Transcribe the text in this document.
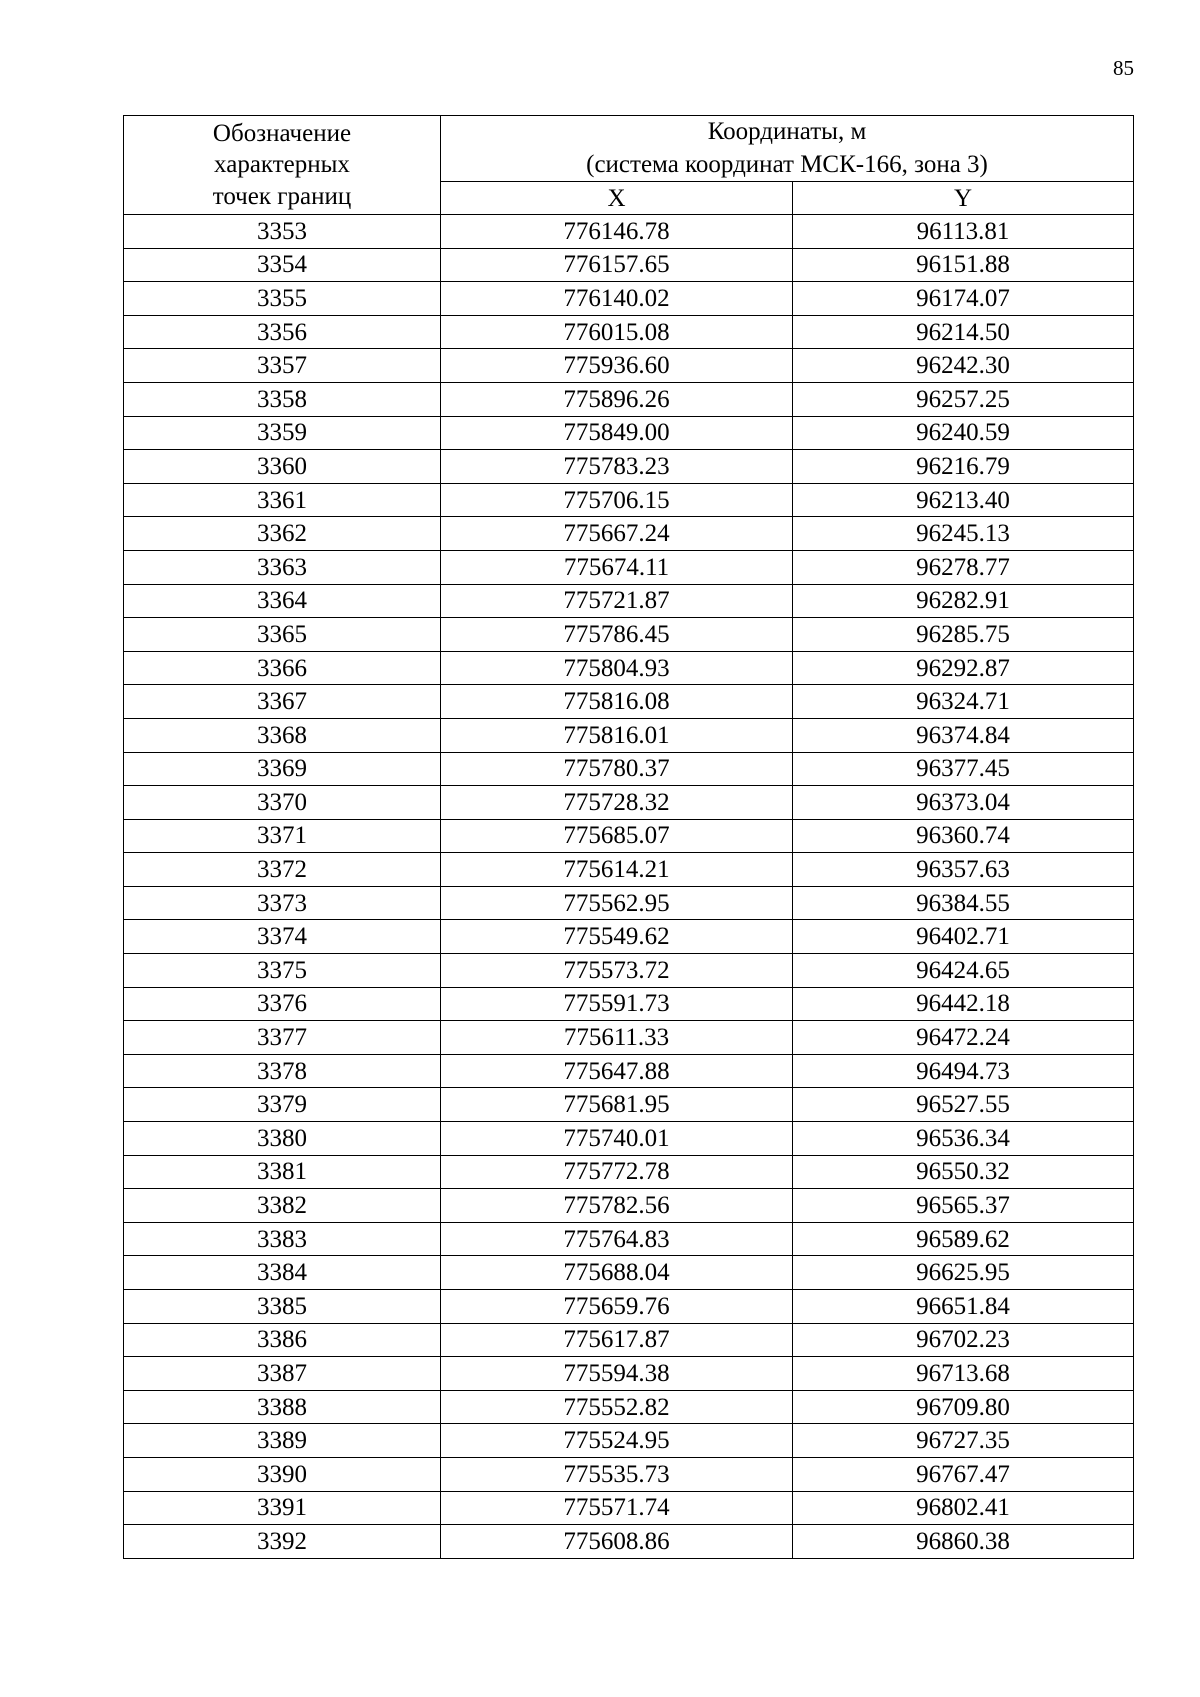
85
Обозначение
характерных
точек границ	Координаты, м
(система координат МСК-166, зона 3)	

	X	Y
3353	776146.78	96113.81
3354	776157.65	96151.88
3355	776140.02	96174.07
3356	776015.08	96214.50
3357	775936.60	96242.30
3358	775896.26	96257.25
3359	775849.00	96240.59
3360	775783.23	96216.79
3361	775706.15	96213.40
3362	775667.24	96245.13
3363	775674.11	96278.77
3364	775721.87	96282.91
3365	775786.45	96285.75
3366	775804.93	96292.87
3367	775816.08	96324.71
3368	775816.01	96374.84
3369	775780.37	96377.45
3370	775728.32	96373.04
3371	775685.07	96360.74
3372	775614.21	96357.63
3373	775562.95	96384.55
3374	775549.62	96402.71
3375	775573.72	96424.65
3376	775591.73	96442.18
3377	775611.33	96472.24
3378	775647.88	96494.73
3379	775681.95	96527.55
3380	775740.01	96536.34
3381	775772.78	96550.32
3382	775782.56	96565.37
3383	775764.83	96589.62
3384	775688.04	96625.95
3385	775659.76	96651.84
3386	775617.87	96702.23
3387	775594.38	96713.68
3388	775552.82	96709.80
3389	775524.95	96727.35
3390	775535.73	96767.47
3391	775571.74	96802.41
3392	775608.86	96860.38
